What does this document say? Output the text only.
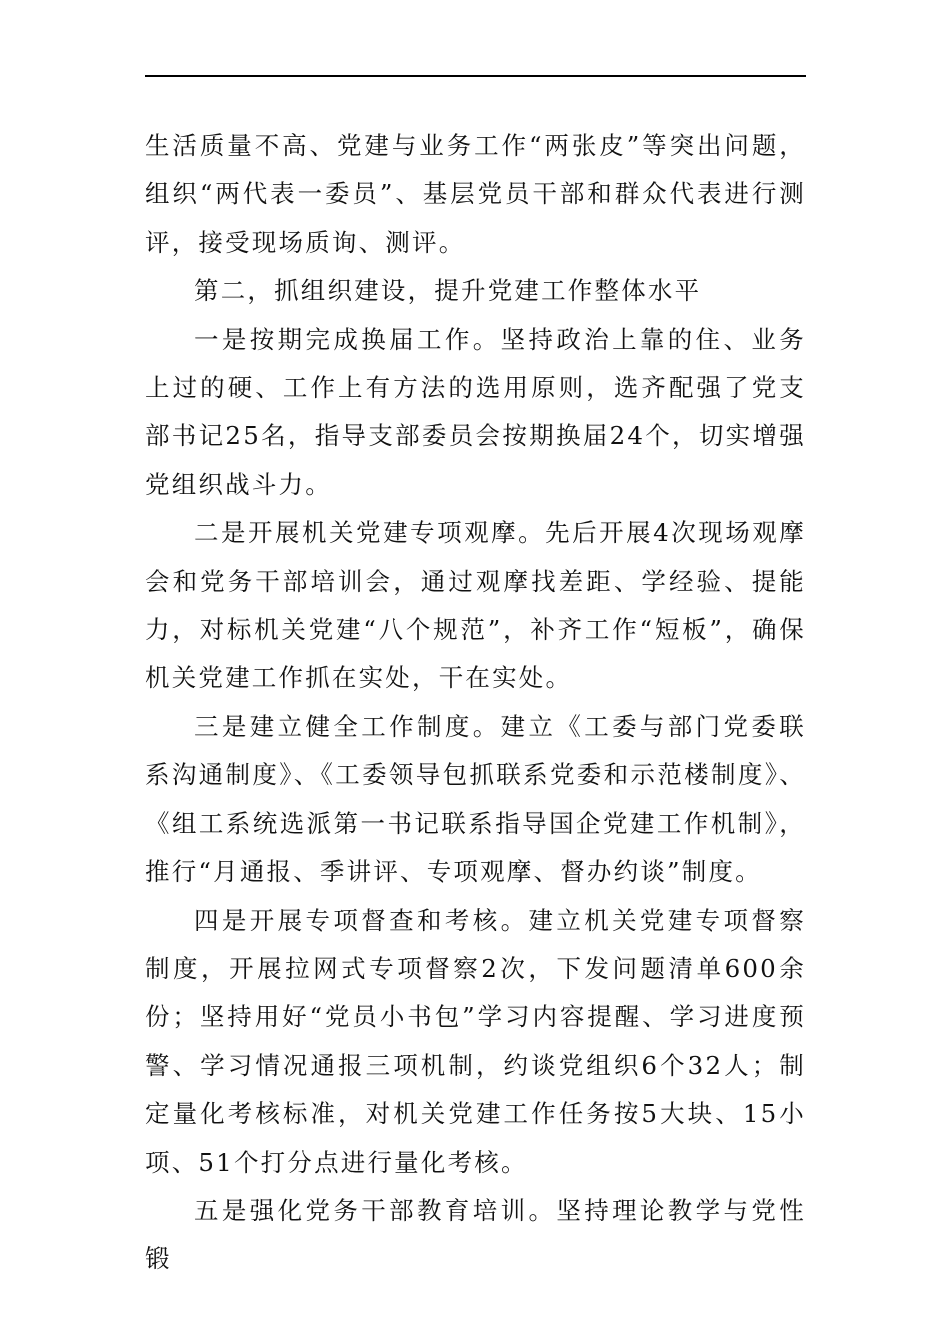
生活质量不高、党建与业务工作“两张皮”等突出问题，组织“两代表一委员”、基层党员干部和群众代表进行测评，接受现场质询、测评。

第二，抓组织建设，提升党建工作整体水平

一是按期完成换届工作。坚持政治上靠的住、业务上过的硬、工作上有方法的选用原则，选齐配强了党支部书记25名，指导支部委员会按期换届24个，切实增强党组织战斗力。

二是开展机关党建专项观摩。先后开展4次现场观摩会和党务干部培训会，通过观摩找差距、学经验、提能力，对标机关党建“八个规范”，补齐工作“短板”，确保机关党建工作抓在实处，干在实处。

三是建立健全工作制度。建立《工委与部门党委联系沟通制度》、《工委领导包抓联系党委和示范楼制度》、《组工系统选派第一书记联系指导国企党建工作机制》，推行“月通报、季讲评、专项观摩、督办约谈”制度。

四是开展专项督查和考核。建立机关党建专项督察制度，开展拉网式专项督察2次，下发问题清单600余份；坚持用好“党员小书包”学习内容提醒、学习进度预警、学习情况通报三项机制，约谈党组织6个32人；制定量化考核标准，对机关党建工作任务按5大块、15小项、51个打分点进行量化考核。

五是强化党务干部教育培训。坚持理论教学与党性锻
